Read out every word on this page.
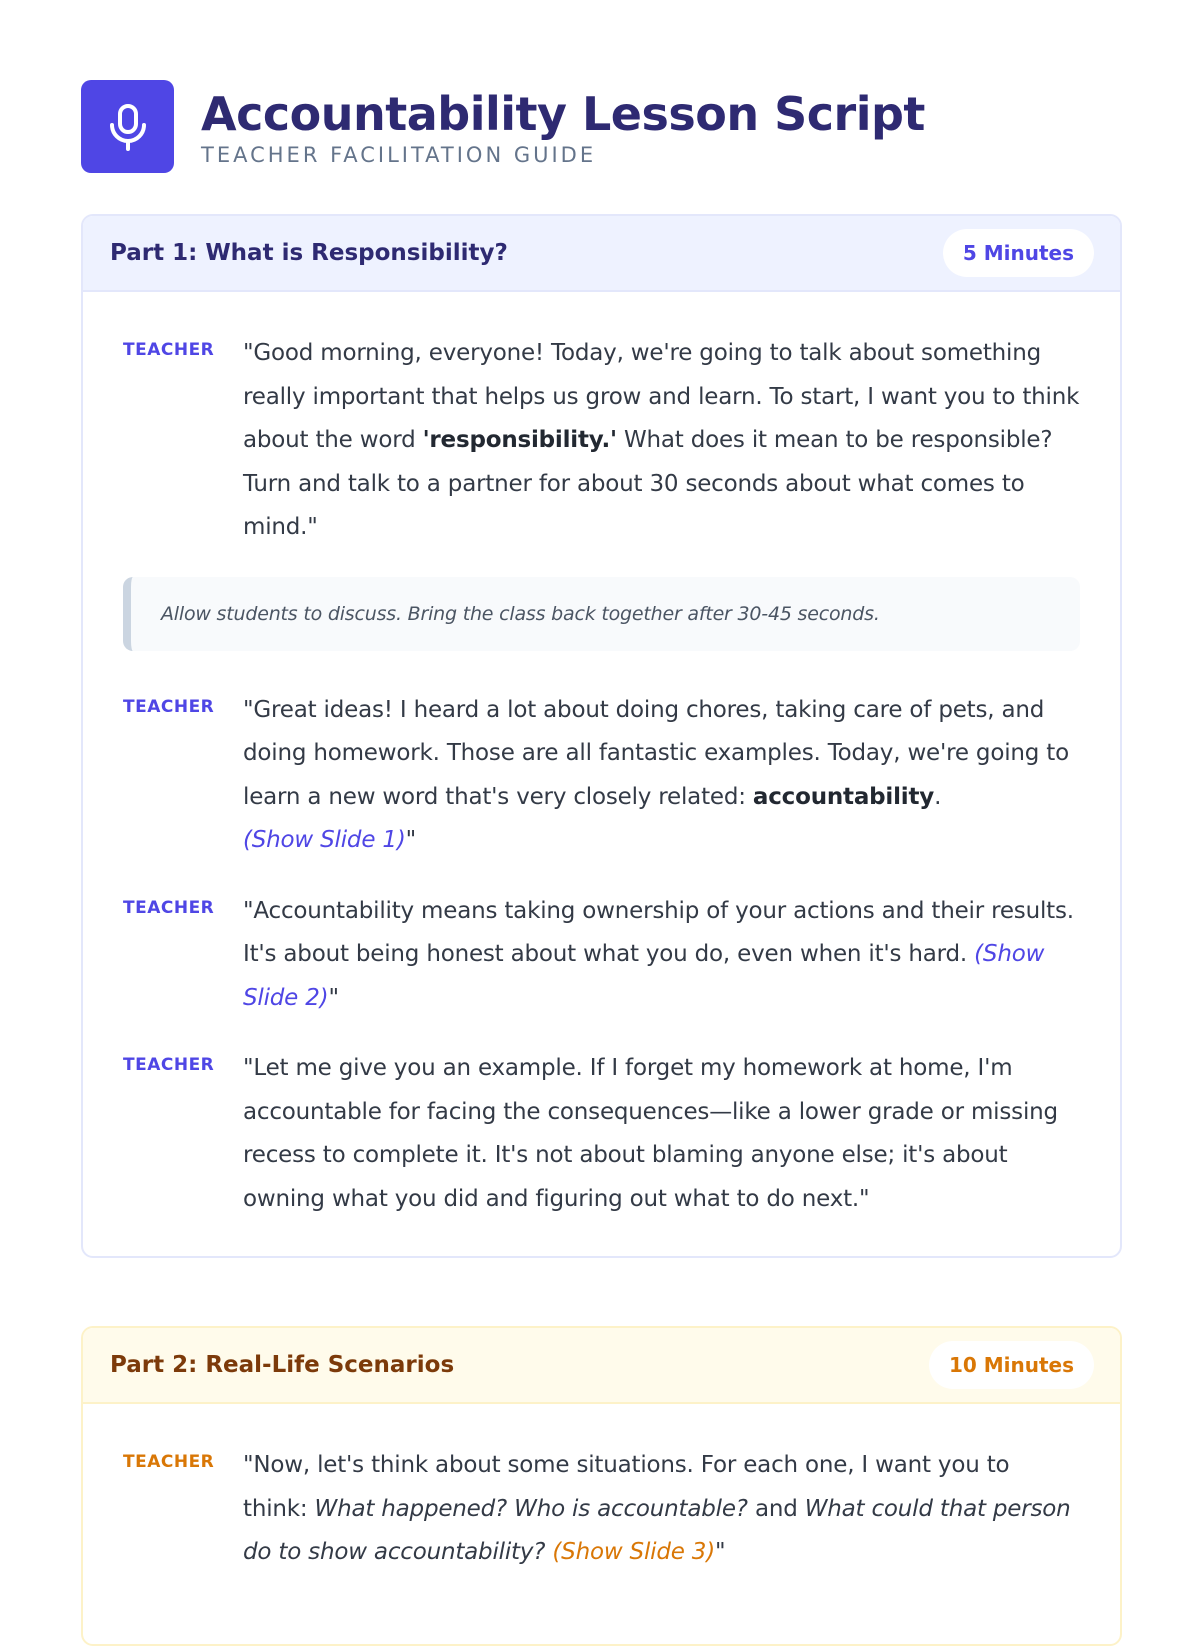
Accountability Lesson Script
TEACHER FACILITATION GUIDE
Part 1: What is Responsibility?	5 Minutes
TEACHER	"Good morning, everyone! Today, we're going to talk about something really important that helps us grow and learn. To start, I want you to think about the word 'responsibility.' What does it mean to be responsible? Turn and talk to a partner for about 30 seconds about what comes to mind."
Allow students to discuss. Bring the class back together after 30-45 seconds.
TEACHER	"Great ideas! I heard a lot about doing chores, taking care of pets, and doing homework. Those are all fantastic examples. Today, we're going to learn a new word that's very closely related: accountability.
(Show Slide 1)"
TEACHER	"Accountability means taking ownership of your actions and their results. It's about being honest about what you do, even when it's hard. (Show Slide 2)"
TEACHER	"Let me give you an example. If I forget my homework at home, I'm accountable for facing the consequences—like a lower grade or missing recess to complete it. It's not about blaming anyone else; it's about owning what you did and figuring out what to do next."
Part 2: Real-Life Scenarios	10 Minutes
TEACHER	"Now, let's think about some situations. For each one, I want you to think: What happened? Who is accountable? and What could that person do to show accountability? (Show Slide 3)"
